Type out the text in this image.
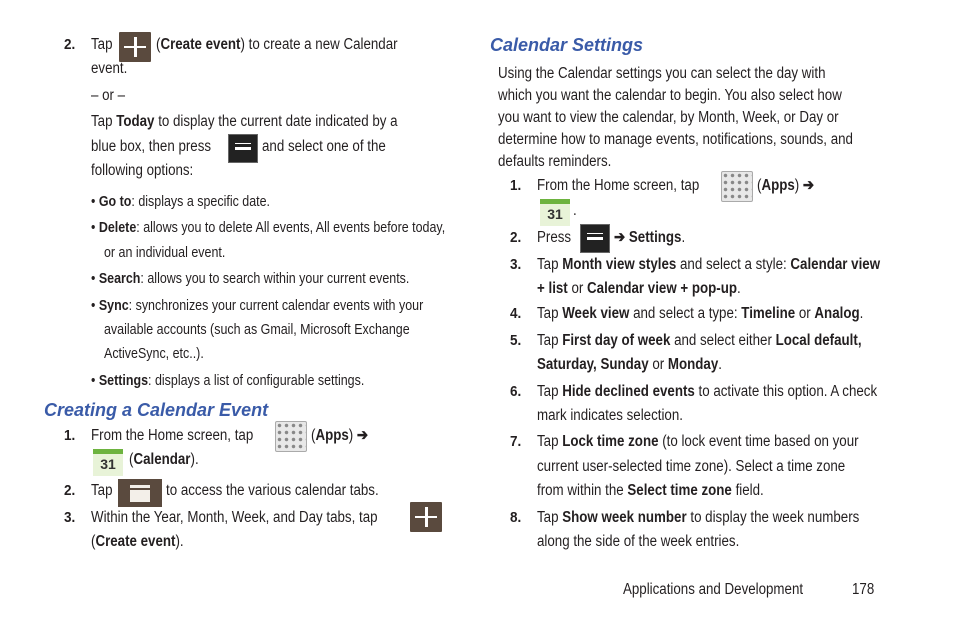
2. Tap	(Create event) to create a new Calendar
event.
– or –
Tap Today to display the current date indicated by a
blue box, then press	and select one of the
following options:
• Go to: displays a specific date.
• Delete: allows you to delete All events, All events before today,
or an individual event.
• Search: allows you to search within your current events.
• Sync: synchronizes your current calendar events with your
available accounts (such as Gmail, Microsoft Exchange
ActiveSync, etc..).
• Settings: displays a list of configurable settings.
Creating a Calendar Event
1. From the Home screen, tap	(Apps) ➔
31 (Calendar).
2. Tap	to access the various calendar tabs.
3. Within the Year, Month, Week, and Day tabs, tap
(Create event).
Calendar Settings
Using the Calendar settings you can select the day with
which you want the calendar to begin. You also select how
you want to view the calendar, by Month, Week, or Day or
determine how to manage events, notifications, sounds, and
defaults reminders.
1. From the Home screen, tap	(Apps) ➔
31 .
2. Press	➔ Settings.
3. Tap Month view styles and select a style: Calendar view
+ list or Calendar view + pop-up.
4. Tap Week view and select a type: Timeline or Analog.
5. Tap First day of week and select either Local default,
Saturday, Sunday or Monday.
6. Tap Hide declined events to activate this option. A check
mark indicates selection.
7. Tap Lock time zone (to lock event time based on your
current user-selected time zone). Select a time zone
from within the Select time zone field.
8. Tap Show week number to display the week numbers
along the side of the week entries.
Applications and Development	178
